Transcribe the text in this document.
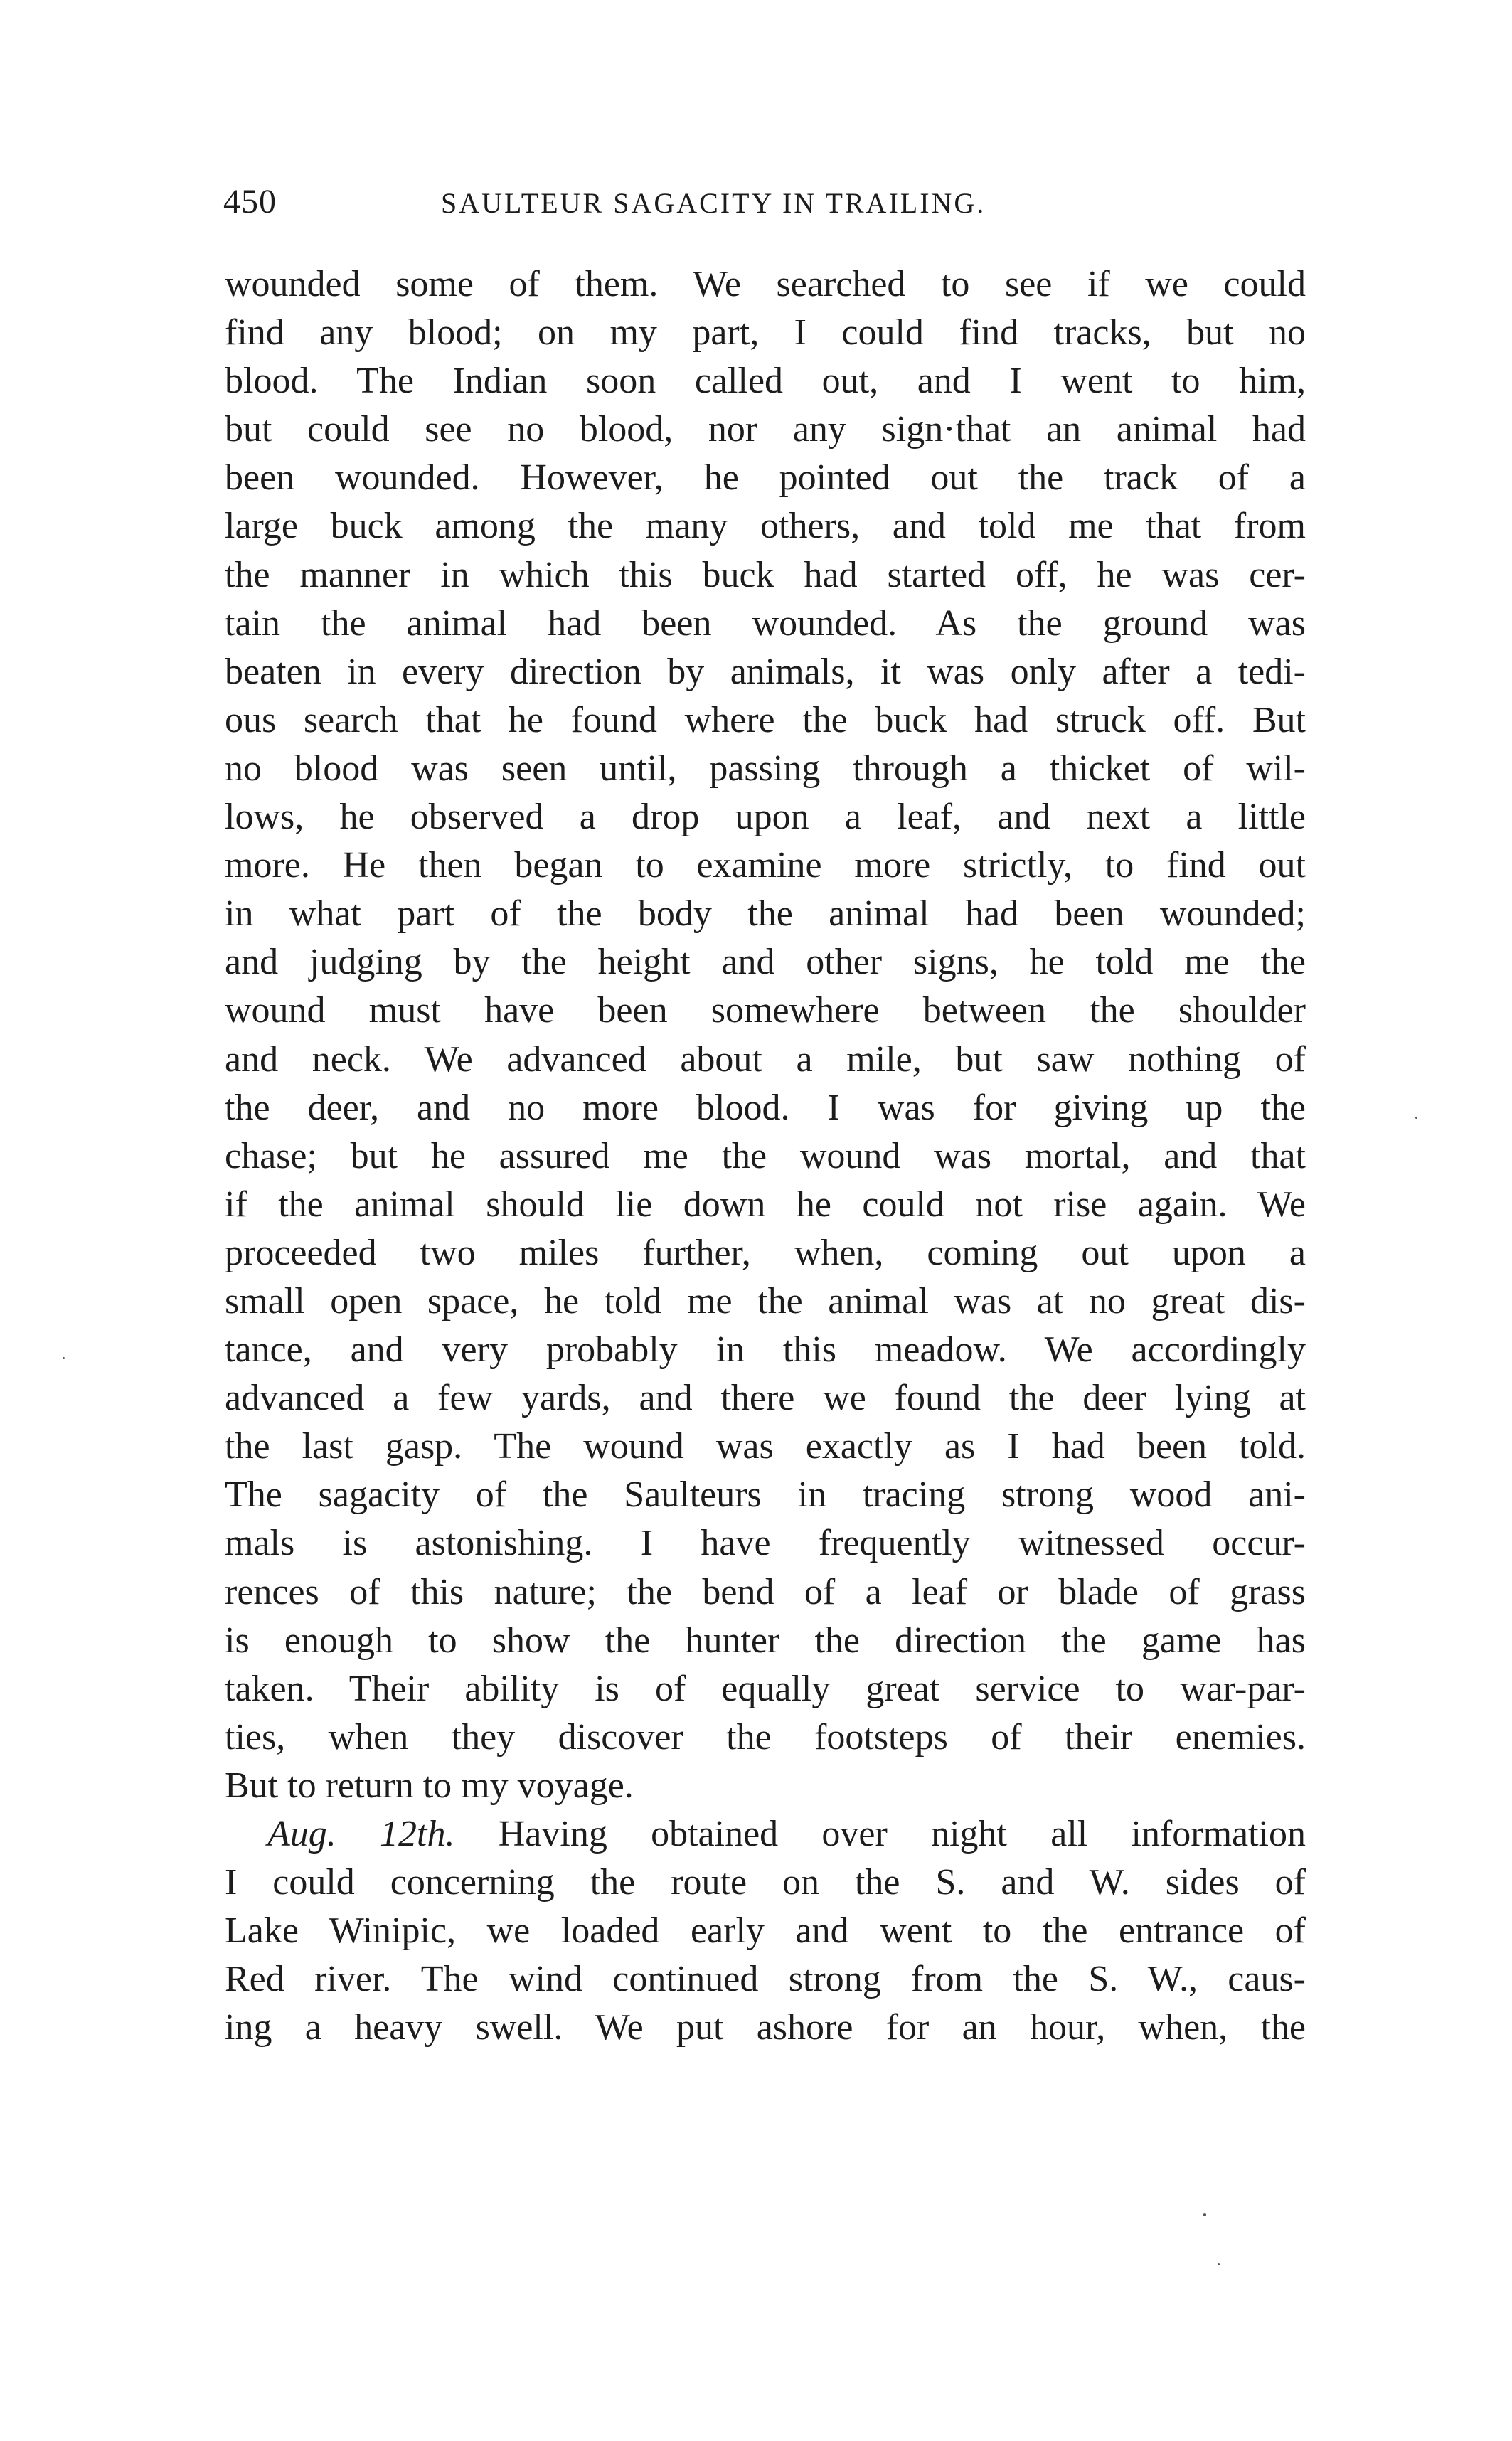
450	SAULTEUR SAGACITY IN TRAILING.
wounded some of them. We searched to see if we could
find any blood; on my part, I could find tracks, but no
blood. The Indian soon called out, and I went to him,
but could see no blood, nor any sign·that an animal had
been wounded. However, he pointed out the track of a
large buck among the many others, and told me that from
the manner in which this buck had started off, he was cer-
tain the animal had been wounded. As the ground was
beaten in every direction by animals, it was only after a tedi-
ous search that he found where the buck had struck off. But
no blood was seen until, passing through a thicket of wil-
lows, he observed a drop upon a leaf, and next a little
more. He then began to examine more strictly, to find out
in what part of the body the animal had been wounded;
and judging by the height and other signs, he told me the
wound must have been somewhere between the shoulder
and neck. We advanced about a mile, but saw nothing of
the deer, and no more blood. I was for giving up the
chase; but he assured me the wound was mortal, and that
if the animal should lie down he could not rise again. We
proceeded two miles further, when, coming out upon a
small open space, he told me the animal was at no great dis-
tance, and very probably in this meadow. We accordingly
advanced a few yards, and there we found the deer lying at
the last gasp. The wound was exactly as I had been told.
The sagacity of the Saulteurs in tracing strong wood ani-
mals is astonishing. I have frequently witnessed occur-
rences of this nature; the bend of a leaf or blade of grass
is enough to show the hunter the direction the game has
taken. Their ability is of equally great service to war-par-
ties, when they discover the footsteps of their enemies.
But to return to my voyage.
Aug. 12th. Having obtained over night all information
I could concerning the route on the S. and W. sides of
Lake Winipic, we loaded early and went to the entrance of
Red river. The wind continued strong from the S. W., caus-
ing a heavy swell. We put ashore for an hour, when, the
